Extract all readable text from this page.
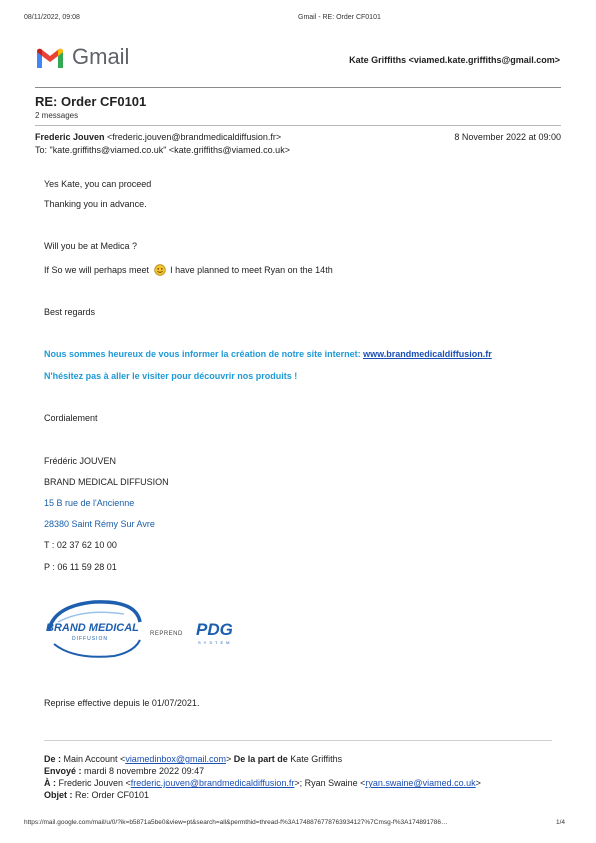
08/11/2022, 09:08	Gmail - RE: Order CF0101
Gmail	Kate Griffiths <viamed.kate.griffiths@gmail.com>
RE: Order CF0101
2 messages
Frederic Jouven <frederic.jouven@brandmedicaldiffusion.fr>	8 November 2022 at 09:00
To: "kate.griffiths@viamed.co.uk" <kate.griffiths@viamed.co.uk>
Yes Kate, you can proceed
Thanking you in advance.
Will you be at Medica ?
If So we will perhaps meet I have planned to meet Ryan on the 14th
Best regards
Nous sommes heureux de vous informer la création de notre site internet: www.brandmedicaldiffusion.fr
N'hésitez pas à aller le visiter pour découvrir nos produits !
Cordialement
Frédéric JOUVEN
BRAND MEDICAL DIFFUSION
15 B rue de l'Ancienne
28380 Saint Rémy Sur Avre
T : 02 37 62 10 00
P : 06 11 59 28 01
BRAND MEDICAL
DIFFUSION
REPREND PDG
SYSTEM
Reprise effective depuis le 01/07/2021.
De : Main Account <viamedinbox@gmail.com> De la part de Kate Griffiths
Envoyé : mardi 8 novembre 2022 09:47
À : Frederic Jouven <frederic.jouven@brandmedicaldiffusion.fr>; Ryan Swaine <ryan.swaine@viamed.co.uk>
Objet : Re: Order CF0101
https://mail.google.com/mail/u/0/?ik=b5871a5be0&view=pt&search=all&permthid=thread-f%3A1748876778763934127%7Cmsg-f%3A174891786…	1/4
